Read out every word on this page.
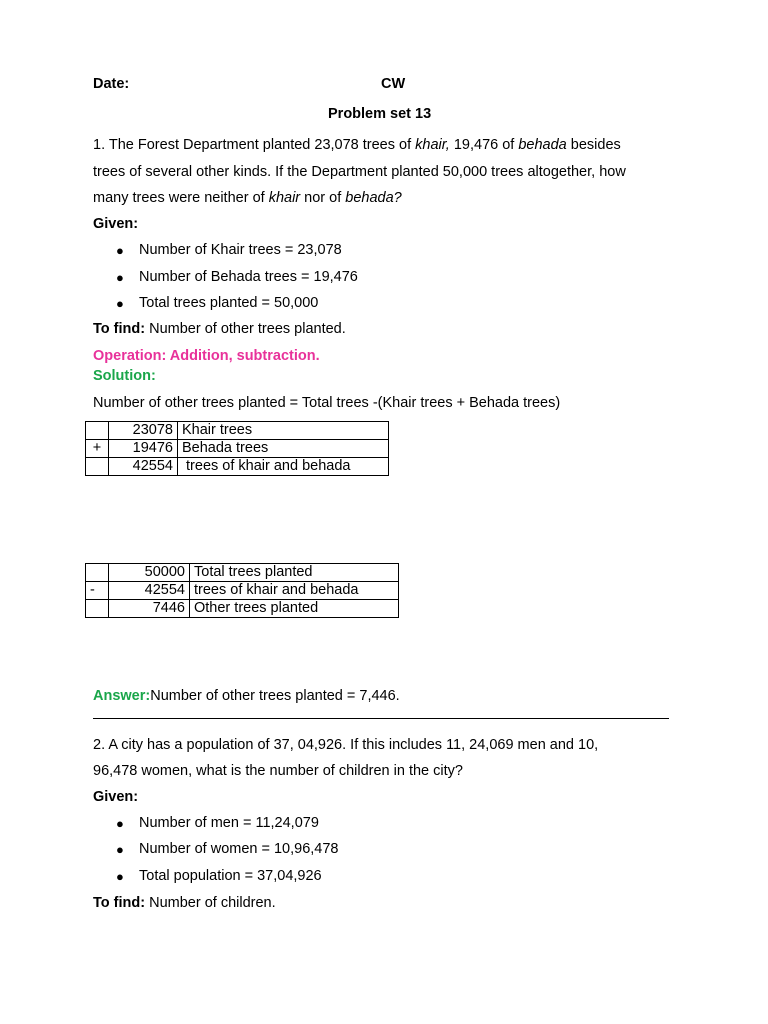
Date:	CW
Problem set 13
1. The Forest Department planted 23,078 trees of khair, 19,476 of behada besides
trees of several other kinds. If the Department planted 50,000 trees altogether, how
many trees were neither of khair nor of behada?
Given:
● Number of Khair trees = 23,078
● Number of Behada trees = 19,476
● Total trees planted = 50,000
To find: Number of other trees planted.
Operation: Addition, subtraction.
Solution:
Number of other trees planted = Total trees -(Khair trees + Behada trees)
	23078	Khair trees
+	19476	Behada trees
	42554	trees of khair and behada
	50000	Total trees planted
-	42554	trees of khair and behada
	7446	Other trees planted
Answer:Number of other trees planted = 7,446.
2. A city has a population of 37, 04,926. If this includes 11, 24,069 men and 10,
96,478 women, what is the number of children in the city?
Given:
● Number of men = 11,24,079
● Number of women = 10,96,478
● Total population = 37,04,926
To find: Number of children.
